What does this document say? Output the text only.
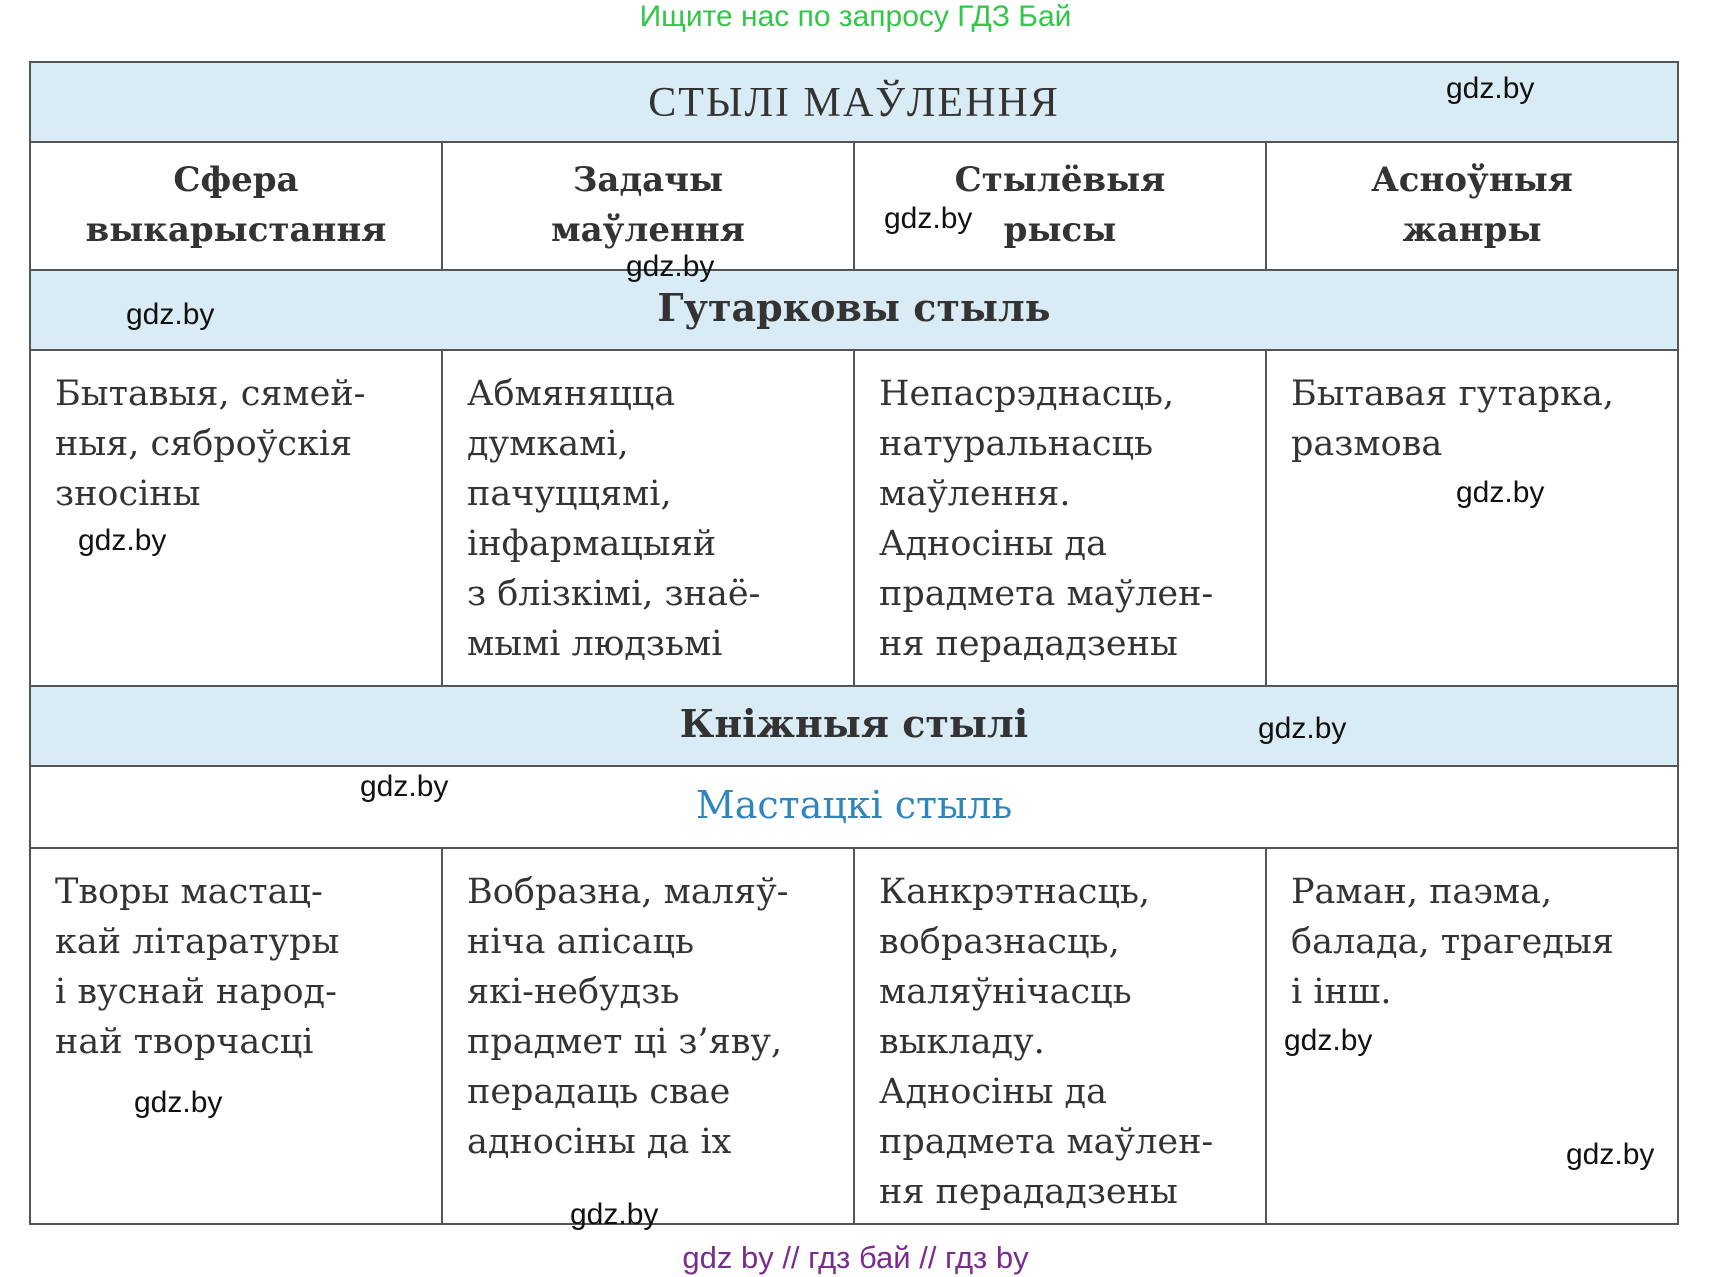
Ищите нас по запросу ГДЗ Бай
СТЫЛІ МАЎЛЕННЯ
Сфера
выкарыстання
Задачы
маўлення
Стылёвыя
рысы
Асноўныя
жанры
Гутарковы стыль
Бытавыя, сямей-
ныя, сяброўскія
зносіны
Абмяняцца
думкамі,
пачуццямі,
інфармацыяй
з блізкімі, знаё-
мымі людзьмі
Непасрэднасць,
натуральнасць
маўлення.
Адносіны да
прадмета маўлен-
ня перададзены
Бытавая гутарка,
размова
Кніжныя стылі
Мастацкі стыль
Творы мастац-
кай літаратуры
і вуснай народ-
най творчасці
Вобразна, маляў-
ніча апісаць
які-небудзь
прадмет ці з’яву,
перадаць свае
адносіны да іх
Канкрэтнасць,
вобразнасць,
маляўнічасць
выкладу.
Адносіны да
прадмета маўлен-
ня перададзены
Раман, паэма,
балада, трагедыя
і інш.
gdz.by
gdz.by
gdz.by
gdz.by
gdz.by
gdz.by
gdz.by
gdz.by
gdz.by
gdz.by
gdz.by
gdz.by
gdz by // гдз бай // гдз by
